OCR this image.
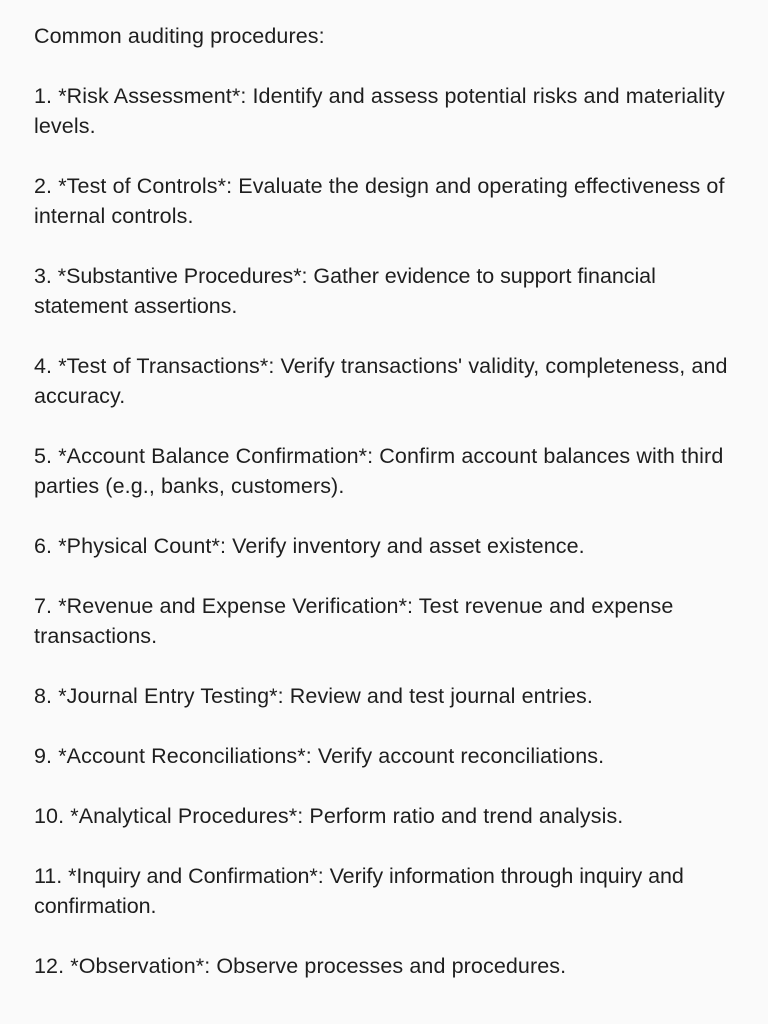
Common auditing procedures:

1. *Risk Assessment*: Identify and assess potential risks and materiality levels.
2. *Test of Controls*: Evaluate the design and operating effectiveness of internal controls.
3. *Substantive Procedures*: Gather evidence to support financial statement assertions.
4. *Test of Transactions*: Verify transactions' validity, completeness, and accuracy.
5. *Account Balance Confirmation*: Confirm account balances with third parties (e.g., banks, customers).
6. *Physical Count*: Verify inventory and asset existence.
7. *Revenue and Expense Verification*: Test revenue and expense transactions.
8. *Journal Entry Testing*: Review and test journal entries.
9. *Account Reconciliations*: Verify account reconciliations.
10. *Analytical Procedures*: Perform ratio and trend analysis.
11. *Inquiry and Confirmation*: Verify information through inquiry and confirmation.
12. *Observation*: Observe processes and procedures.
